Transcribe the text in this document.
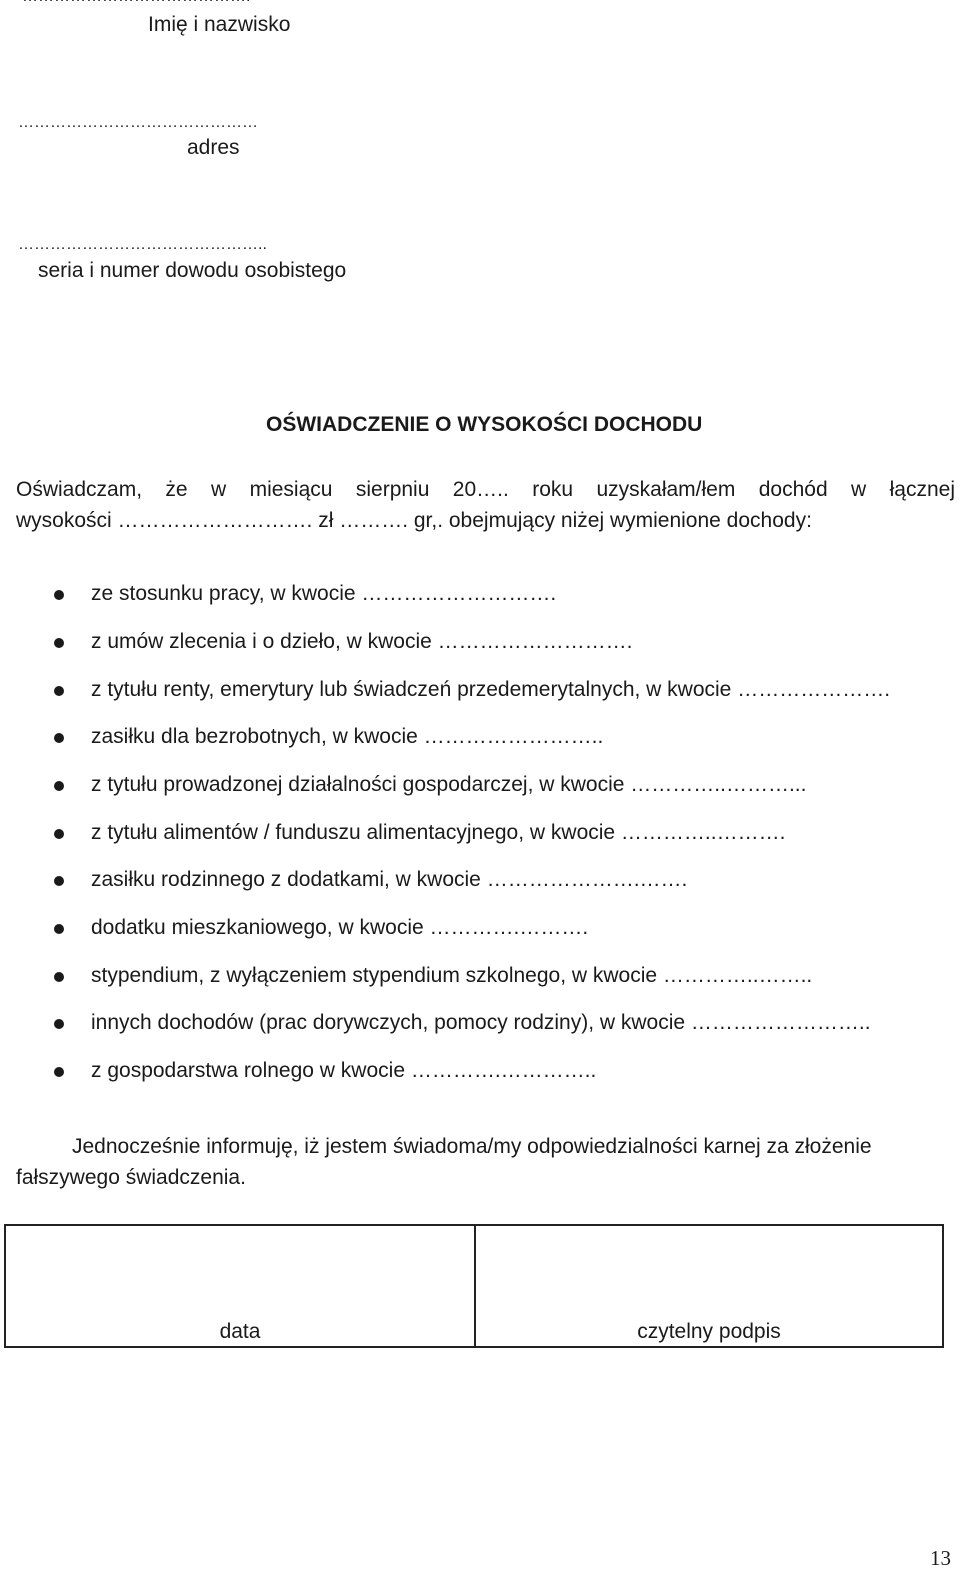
Imię i nazwisko
………………………………………
adres
………………………………………..
seria i numer dowodu osobistego
OŚWIADCZENIE O WYSOKOŚCI DOCHODU
Oświadczam, że w miesiącu sierpniu 20….. roku uzyskałam/łem dochód w łącznej
wysokości ………………………. zł ………. gr,. obejmujący niżej wymienione dochody:
ze stosunku pracy, w kwocie ……………………….
z umów zlecenia i o dzieło, w kwocie ……………………….
z tytułu renty, emerytury lub świadczeń przedemerytalnych, w kwocie ………………….
zasiłku dla bezrobotnych, w kwocie ……………………..
z tytułu prowadzonej działalności gospodarczej, w kwocie …………..………...
z tytułu alimentów / funduszu alimentacyjnego, w kwocie …………..……….
zasiłku rodzinnego z dodatkami, w kwocie ………………….…….
dodatku mieszkaniowego, w kwocie ………….……….
stypendium, z wyłączeniem stypendium szkolnego, w kwocie …………..……..
innych dochodów (prac dorywczych, pomocy rodziny), w kwocie ……………………..
z gospodarstwa rolnego w kwocie ………….…………..
Jednocześnie informuję, iż jestem świadoma/my odpowiedzialności karnej za złożenie
fałszywego świadczenia.
data	czytelny podpis
13
